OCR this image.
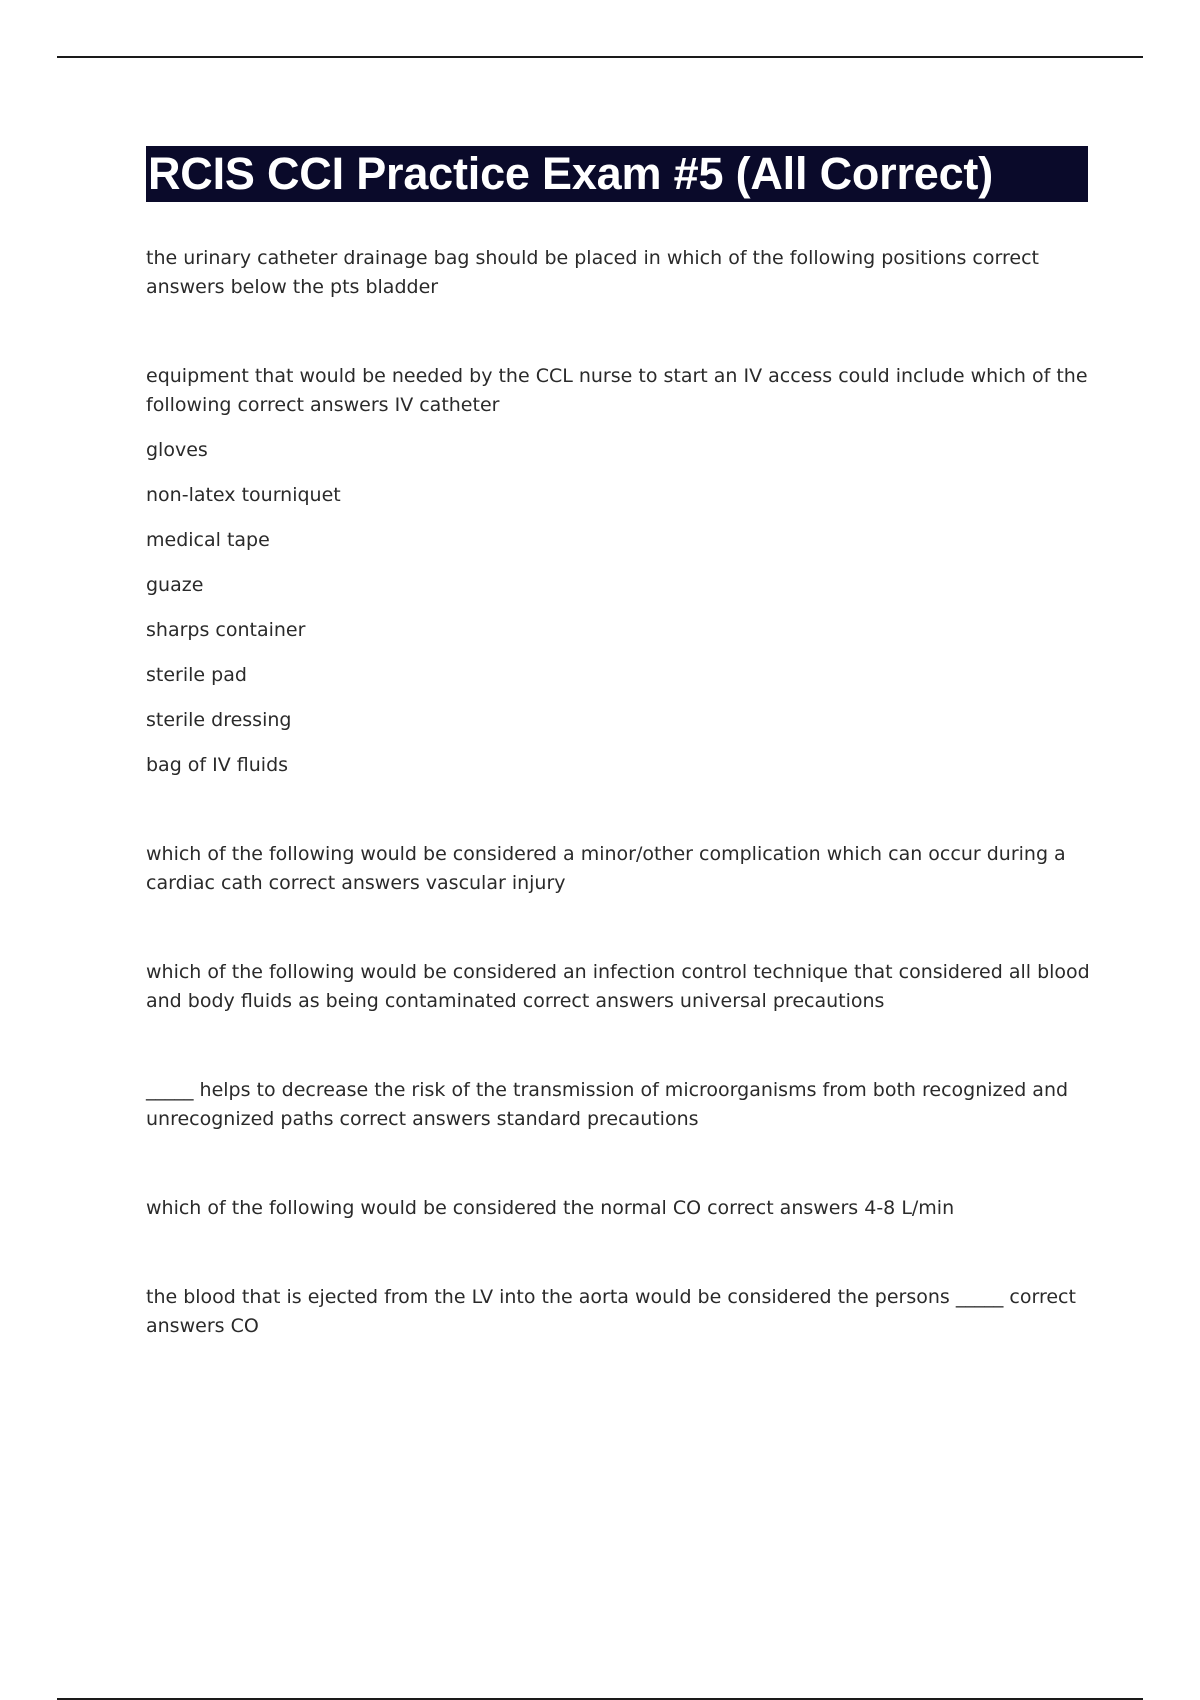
RCIS CCI Practice Exam #5 (All Correct)

the urinary catheter drainage bag should be placed in which of the following positions correct answers below the pts bladder

equipment that would be needed by the CCL nurse to start an IV access could include which of the following correct answers IV catheter

gloves
non-latex tourniquet
medical tape
guaze
sharps container
sterile pad
sterile dressing
bag of IV fluids

which of the following would be considered a minor/other complication which can occur during a cardiac cath correct answers vascular injury

which of the following would be considered an infection control technique that considered all blood and body fluids as being contaminated correct answers universal precautions

_____ helps to decrease the risk of the transmission of microorganisms from both recognized and unrecognized paths correct answers standard precautions

which of the following would be considered the normal CO correct answers 4-8 L/min

the blood that is ejected from the LV into the aorta would be considered the persons _____ correct answers CO
